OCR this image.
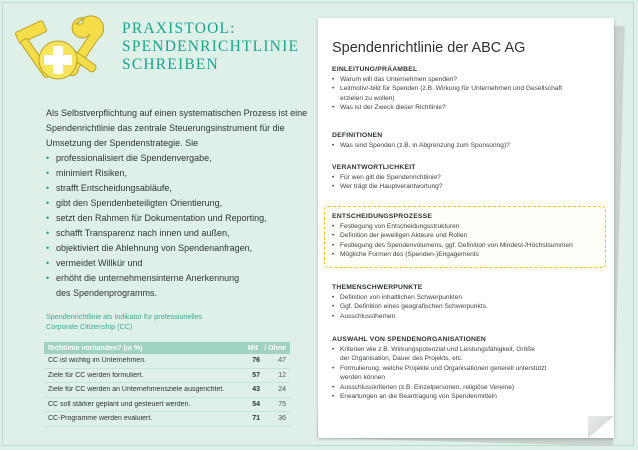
PRAXISTOOL:
SPENDENRICHTLINIE
SCHREIBEN

Als Selbstverpflichtung auf einen systematischen Prozess ist eine Spendenrichtlinie das zentrale Steuerungsinstrument für die Umsetzung der Spendenstrategie. Sie

• professionalisiert die Spendenvergabe,
• minimiert Risiken,
• strafft Entscheidungsabläufe,
• gibt den Spendenbeteiligten Orientierung,
• setzt den Rahmen für Dokumentation und Reporting,
• schafft Transparenz nach innen und außen,
• objektiviert die Ablehnung von Spendenanfragen,
• vermeidet Willkür und
• erhöht die unternehmensinterne Anerkennung
des Spendenprogramms.
Spendenrichtlinie als Indikator für professionelles
Corporate Citizenship (CC)
Richtlinie vorhanden? (in %)	Mit / Ohne
CC ist wichtig im Unternehmen.	76	47
Ziele für CC werden formuliert.	57	12
Ziele für CC werden an Unternehmensziele ausgerichtet.	43	24
CC soll stärker geplant und gesteuert werden.	54	75
CC-Programme werden evaluiert.	71	36
Spendenrichtlinie der ABC AG
EINLEITUNG/PRÄAMBEL
• Warum will das Unternehmen spenden?
• Leitmotiv/-bild für Spenden (z.B. Wirkung für Unternehmen und Gesellschaft
erzielen zu wollen)
• Was ist der Zweck dieser Richtlinie?
DEFINITIONEN
• Was sind Spenden (z.B. in Abgrenzung zum Sponsoring)?
VERANTWORTLICHKEIT
• Für wen gilt die Spendenrichtlinie?
• Wer trägt die Hauptverantwortung?
ENTSCHEIDUNGSPROZESSE
• Festlegung von Entscheidungsstrukturen
• Definition der jeweiligen Akteure und Rollen
• Festlegung des Spendenvolumens, ggf. Definition von Mindest-/Höchstsummen
• Mögliche Formen des (Spenden-)Engagements
THEMENSCHWERPUNKTE
• Definition von inhaltlichen Schwerpunkten
• Ggf. Definition eines geografischen Schwerpunkts.
• Ausschlussthemen
AUSWAHL VON SPENDENORGANISATIONEN
• Kriterien wie z.B. Wirkungspotenzial und Leistungsfähigkeit, Größe
der Organisation, Dauer des Projekts, etc.
• Formulierung, welche Projekte und Organisationen generell unterstützt
werden können
• Ausschlusskriterien (z.B. Einzelpersonen, religiöse Vereine)
• Erwartungen an die Beantragung von Spendenmitteln
